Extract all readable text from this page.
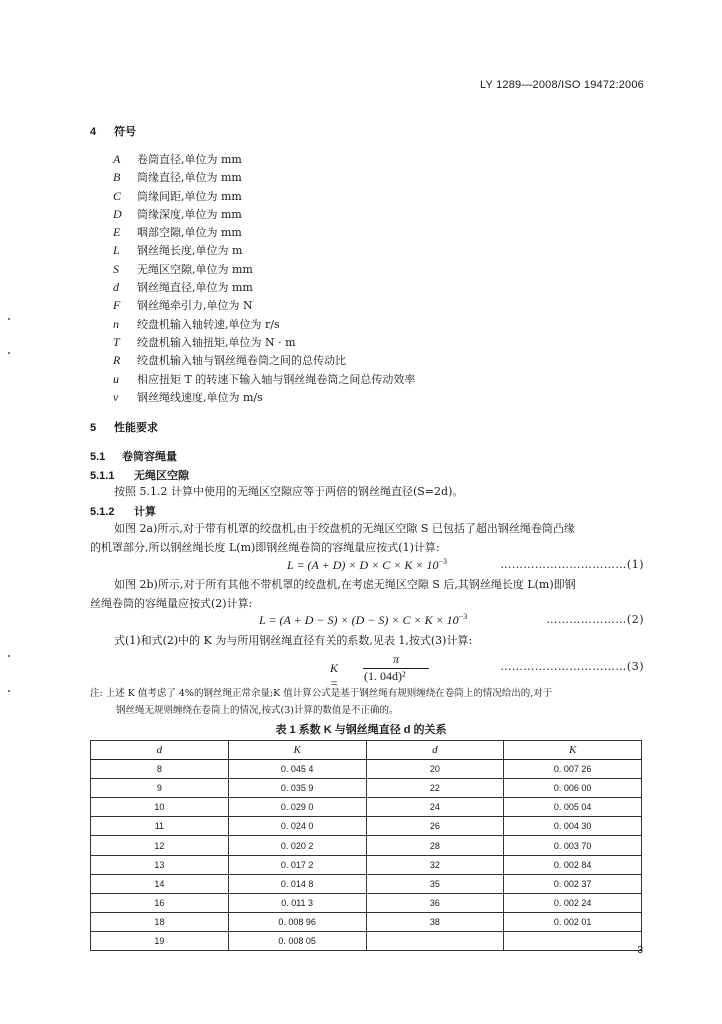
LY 1289—2008/ISO 19472:2006
4 符号
A 卷筒直径,单位为 mm
B 筒缘直径,单位为 mm
C 筒缘间距,单位为 mm
D 筒缘深度,单位为 mm
E 咽部空隙,单位为 mm
L 钢丝绳长度,单位为 m
S 无绳区空隙,单位为 mm
d 钢丝绳直径,单位为 mm
F 钢丝绳牵引力,单位为 N
n 绞盘机输入轴转速,单位为 r/s
T 绞盘机输入轴扭矩,单位为 N · m
R 绞盘机输入轴与钢丝绳卷筒之间的总传动比
u 相应扭矩 T 的转速下输入轴与钢丝绳卷筒之间总传动效率
v 钢丝绳线速度,单位为 m/s
5 性能要求
5.1 卷筒容绳量
5.1.1 无绳区空隙
按照 5.1.2 计算中使用的无绳区空隙应等于两倍的钢丝绳直径(S=2d)。
5.1.2 计算
如图 2a)所示,对于带有机罩的绞盘机,由于绞盘机的无绳区空隙 S 已包括了超出钢丝绳卷筒凸缘
的机罩部分,所以钢丝绳长度 L(m)即钢丝绳卷筒的容绳量应按式(1)计算:
$L = (A + D) \times D \times C \times K \times 10^{-3}$	……………………………(1)
如图 2b)所示,对于所有其他不带机罩的绞盘机,在考虑无绳区空隙 S 后,其钢丝绳长度 L(m)即钢
丝绳卷筒的容绳量应按式(2)计算:
$L = (A + D - S) \times (D - S) \times C \times K \times 10^{-3}$	…………………(2)
式(1)和式(2)中的 K 为与所用钢丝绳直径有关的系数,见表 1,按式(3)计算:
K =
π
(1. 04d)²
……………………………(3)
注: 上述 K 值考虑了 4%的钢丝绳正常余量;K 值计算公式是基于钢丝绳有规则缠绕在卷筒上的情况给出的,对于
钢丝绳无规则缠绕在卷筒上的情况,按式(3)计算的数值是不正确的。
表 1 系数 K 与钢丝绳直径 d 的关系
d	K	d	K
8	0. 045 4	20	0. 007 26
9	0. 035 9	22	0. 006 00
10	0. 029 0	24	0. 005 04
11	0. 024 0	26	0. 004 30
12	0. 020 2	28	0. 003 70
13	0. 017 2	32	0. 002 84
14	0. 014 8	35	0. 002 37
16	0. 011 3	36	0. 002 24
18	0. 008 96	38	0. 002 01
19	0. 008 05		
3
